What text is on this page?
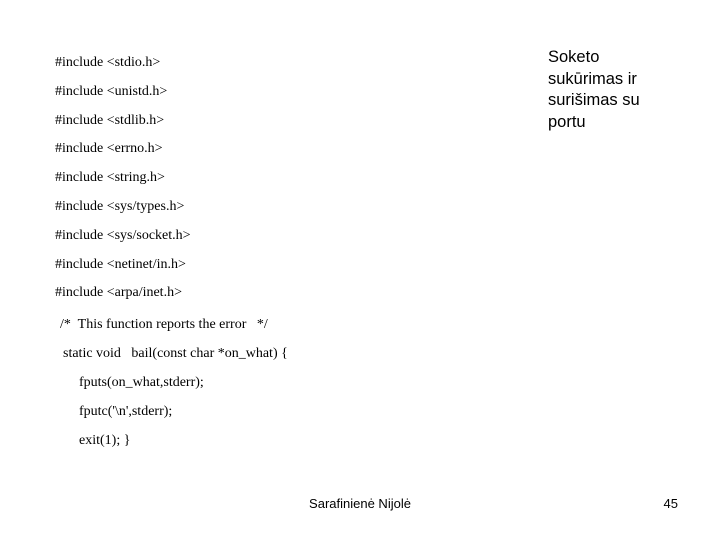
Soketo
sukūrimas ir
surišimas su
portu
#include <stdio.h>
#include <unistd.h>
#include <stdlib.h>
#include <errno.h>
#include <string.h>
#include <sys/types.h>
#include <sys/socket.h>
#include <netinet/in.h>
#include <arpa/inet.h>
/*  This function reports the error   */
static void   bail(const char *on_what) {
fputs(on_what,stderr);
fputc('\n',stderr);
exit(1); }
Sarafinienė Nijolė	45
